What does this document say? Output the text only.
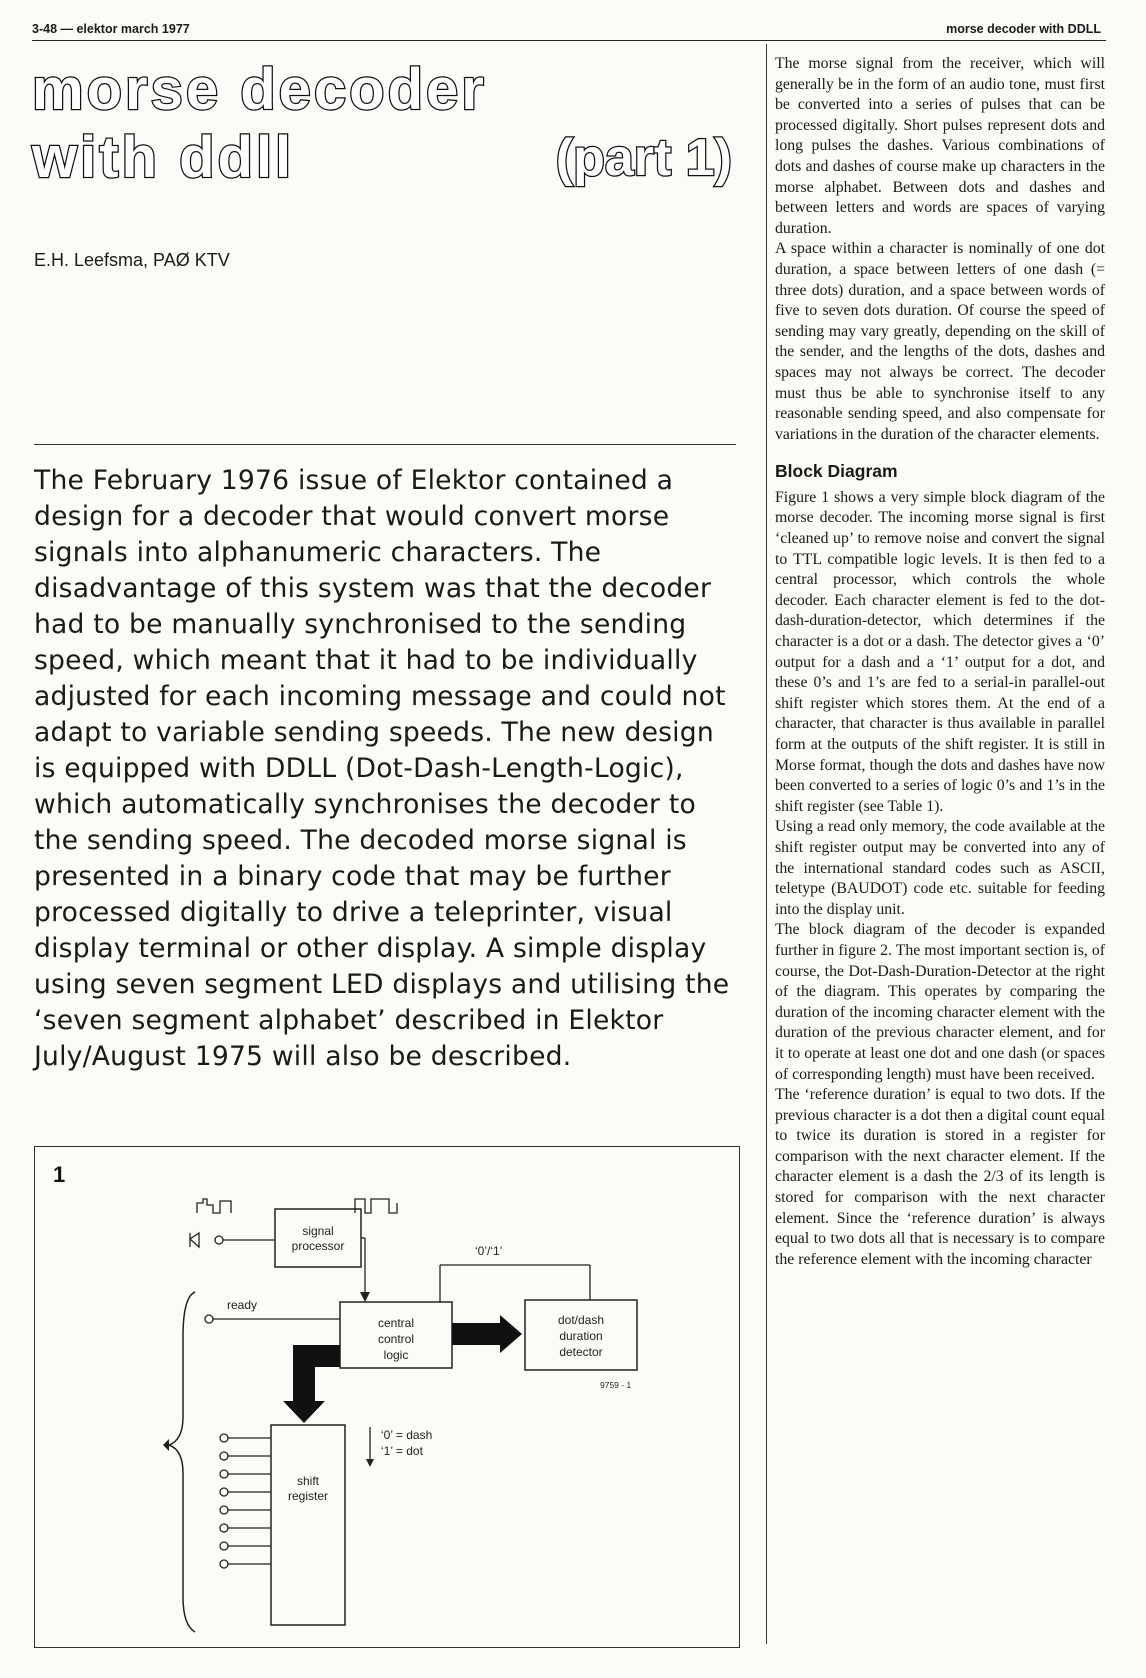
3-48 — elektor march 1977	morse decoder with DDLL
morse decoder
with ddll	(part 1)
E.H. Leefsma, PAØ KTV
The February 1976 issue of Elektor contained a design for a decoder that would convert morse signals into alphanumeric characters. The disadvantage of this system was that the decoder had to be manually synchronised to the sending speed, which meant that it had to be individually adjusted for each incoming message and could not adapt to variable sending speeds. The new design is equipped with DDLL (Dot-Dash-Length-Logic), which automatically synchronises the decoder to the sending speed. The decoded morse signal is presented in a binary code that may be further processed digitally to drive a teleprinter, visual display terminal or other display. A simple display using seven segment LED displays and utilising the ‘seven segment alphabet’ described in Elektor July/August 1975 will also be described.
1
signal
processor	‘0’/‘1’
ready
central
control
logic
dot/dash
duration
detector
9759 - 1
shift
register
‘0’ = dash
‘1’ = dot

The morse signal from the receiver, which will generally be in the form of an audio tone, must first be converted into a series of pulses that can be processed digitally. Short pulses represent dots and long pulses the dashes. Various combinations of dots and dashes of course make up characters in the morse alphabet. Between dots and dashes and between letters and words are spaces of varying duration.

A space within a character is nominally of one dot duration, a space between letters of one dash (= three dots) duration, and a space between words of five to seven dots duration. Of course the speed of sending may vary greatly, depending on the skill of the sender, and the lengths of the dots, dashes and spaces may not always be correct. The decoder must thus be able to synchronise itself to any reasonable sending speed, and also compensate for variations in the duration of the character elements.

Block Diagram

Figure 1 shows a very simple block diagram of the morse decoder. The incoming morse signal is first ‘cleaned up’ to remove noise and convert the signal to TTL compatible logic levels. It is then fed to a central processor, which controls the whole decoder. Each character element is fed to the dot-dash-duration-detector, which determines if the character is a dot or a dash. The detector gives a ‘0’ output for a dash and a ‘1’ output for a dot, and these 0’s and 1’s are fed to a serial-in parallel-out shift register which stores them. At the end of a character, that character is thus available in parallel form at the outputs of the shift register. It is still in Morse format, though the dots and dashes have now been converted to a series of logic 0’s and 1’s in the shift register (see Table 1).

Using a read only memory, the code available at the shift register output may be converted into any of the international standard codes such as ASCII, teletype (BAUDOT) code etc. suitable for feeding into the display unit.

The block diagram of the decoder is expanded further in figure 2. The most important section is, of course, the Dot-Dash-Duration-Detector at the right of the diagram. This operates by comparing the duration of the incoming character element with the duration of the previous character element, and for it to operate at least one dot and one dash (or spaces of corresponding length) must have been received.

The ‘reference duration’ is equal to two dots. If the previous character is a dot then a digital count equal to twice its duration is stored in a register for comparison with the next character element. If the character element is a dash the 2/3 of its length is stored for comparison with the next character element. Since the ‘reference duration’ is always equal to two dots all that is necessary is to compare the reference element with the incoming character
